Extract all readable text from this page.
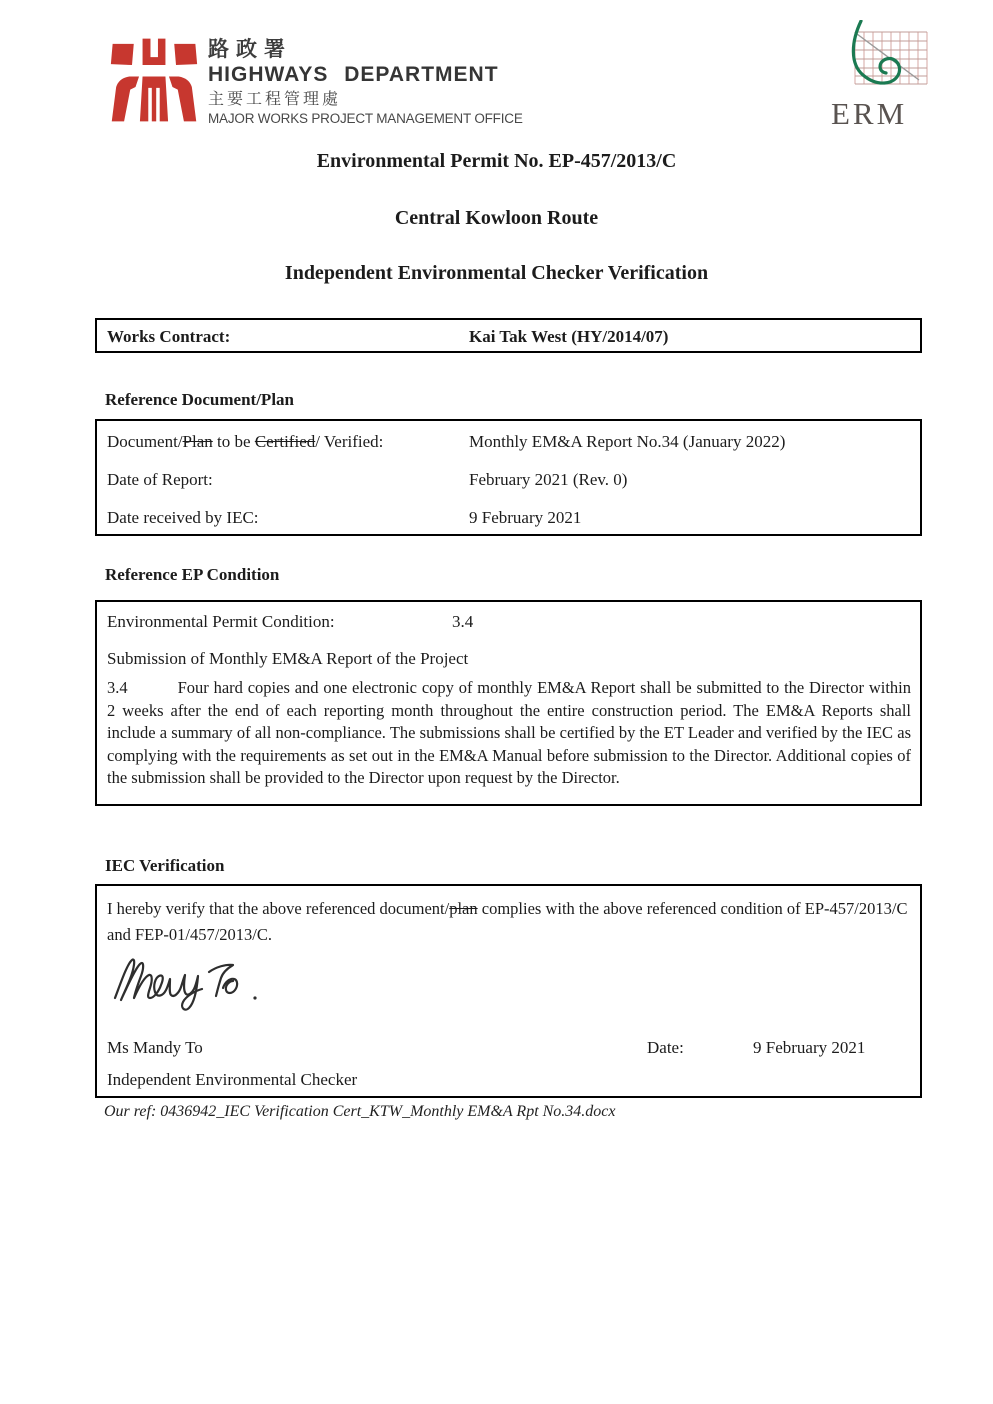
路政署
HIGHWAYS DEPARTMENT
主要工程管理處
MAJOR WORKS PROJECT MANAGEMENT OFFICE	ERM
Environmental Permit No. EP-457/2013/C
Central Kowloon Route
Independent Environmental Checker Verification
Works Contract:	Kai Tak West (HY/2014/07)
Reference Document/Plan
Document/Plan to be Certified/ Verified:	Monthly EM&A Report No.34 (January 2022)
Date of Report:	February 2021 (Rev. 0)
Date received by IEC:	9 February 2021
Reference EP Condition
Environmental Permit Condition:	3.4
Submission of Monthly EM&A Report of the Project
3.4	Four hard copies and one electronic copy of monthly EM&A Report shall be submitted to the Director within 2 weeks after the end of each reporting month throughout the entire construction period. The EM&A Reports shall include a summary of all non-compliance. The submissions shall be certified by the ET Leader and verified by the IEC as complying with the requirements as set out in the EM&A Manual before submission to the Director. Additional copies of the submission shall be provided to the Director upon request by the Director.
IEC Verification
I hereby verify that the above referenced document/plan complies with the above referenced condition of EP-457/2013/C and FEP-01/457/2013/C.
Ms Mandy To	Date:	9 February 2021
Independent Environmental Checker
Our ref: 0436942_IEC Verification Cert_KTW_Monthly EM&A Rpt No.34.docx
